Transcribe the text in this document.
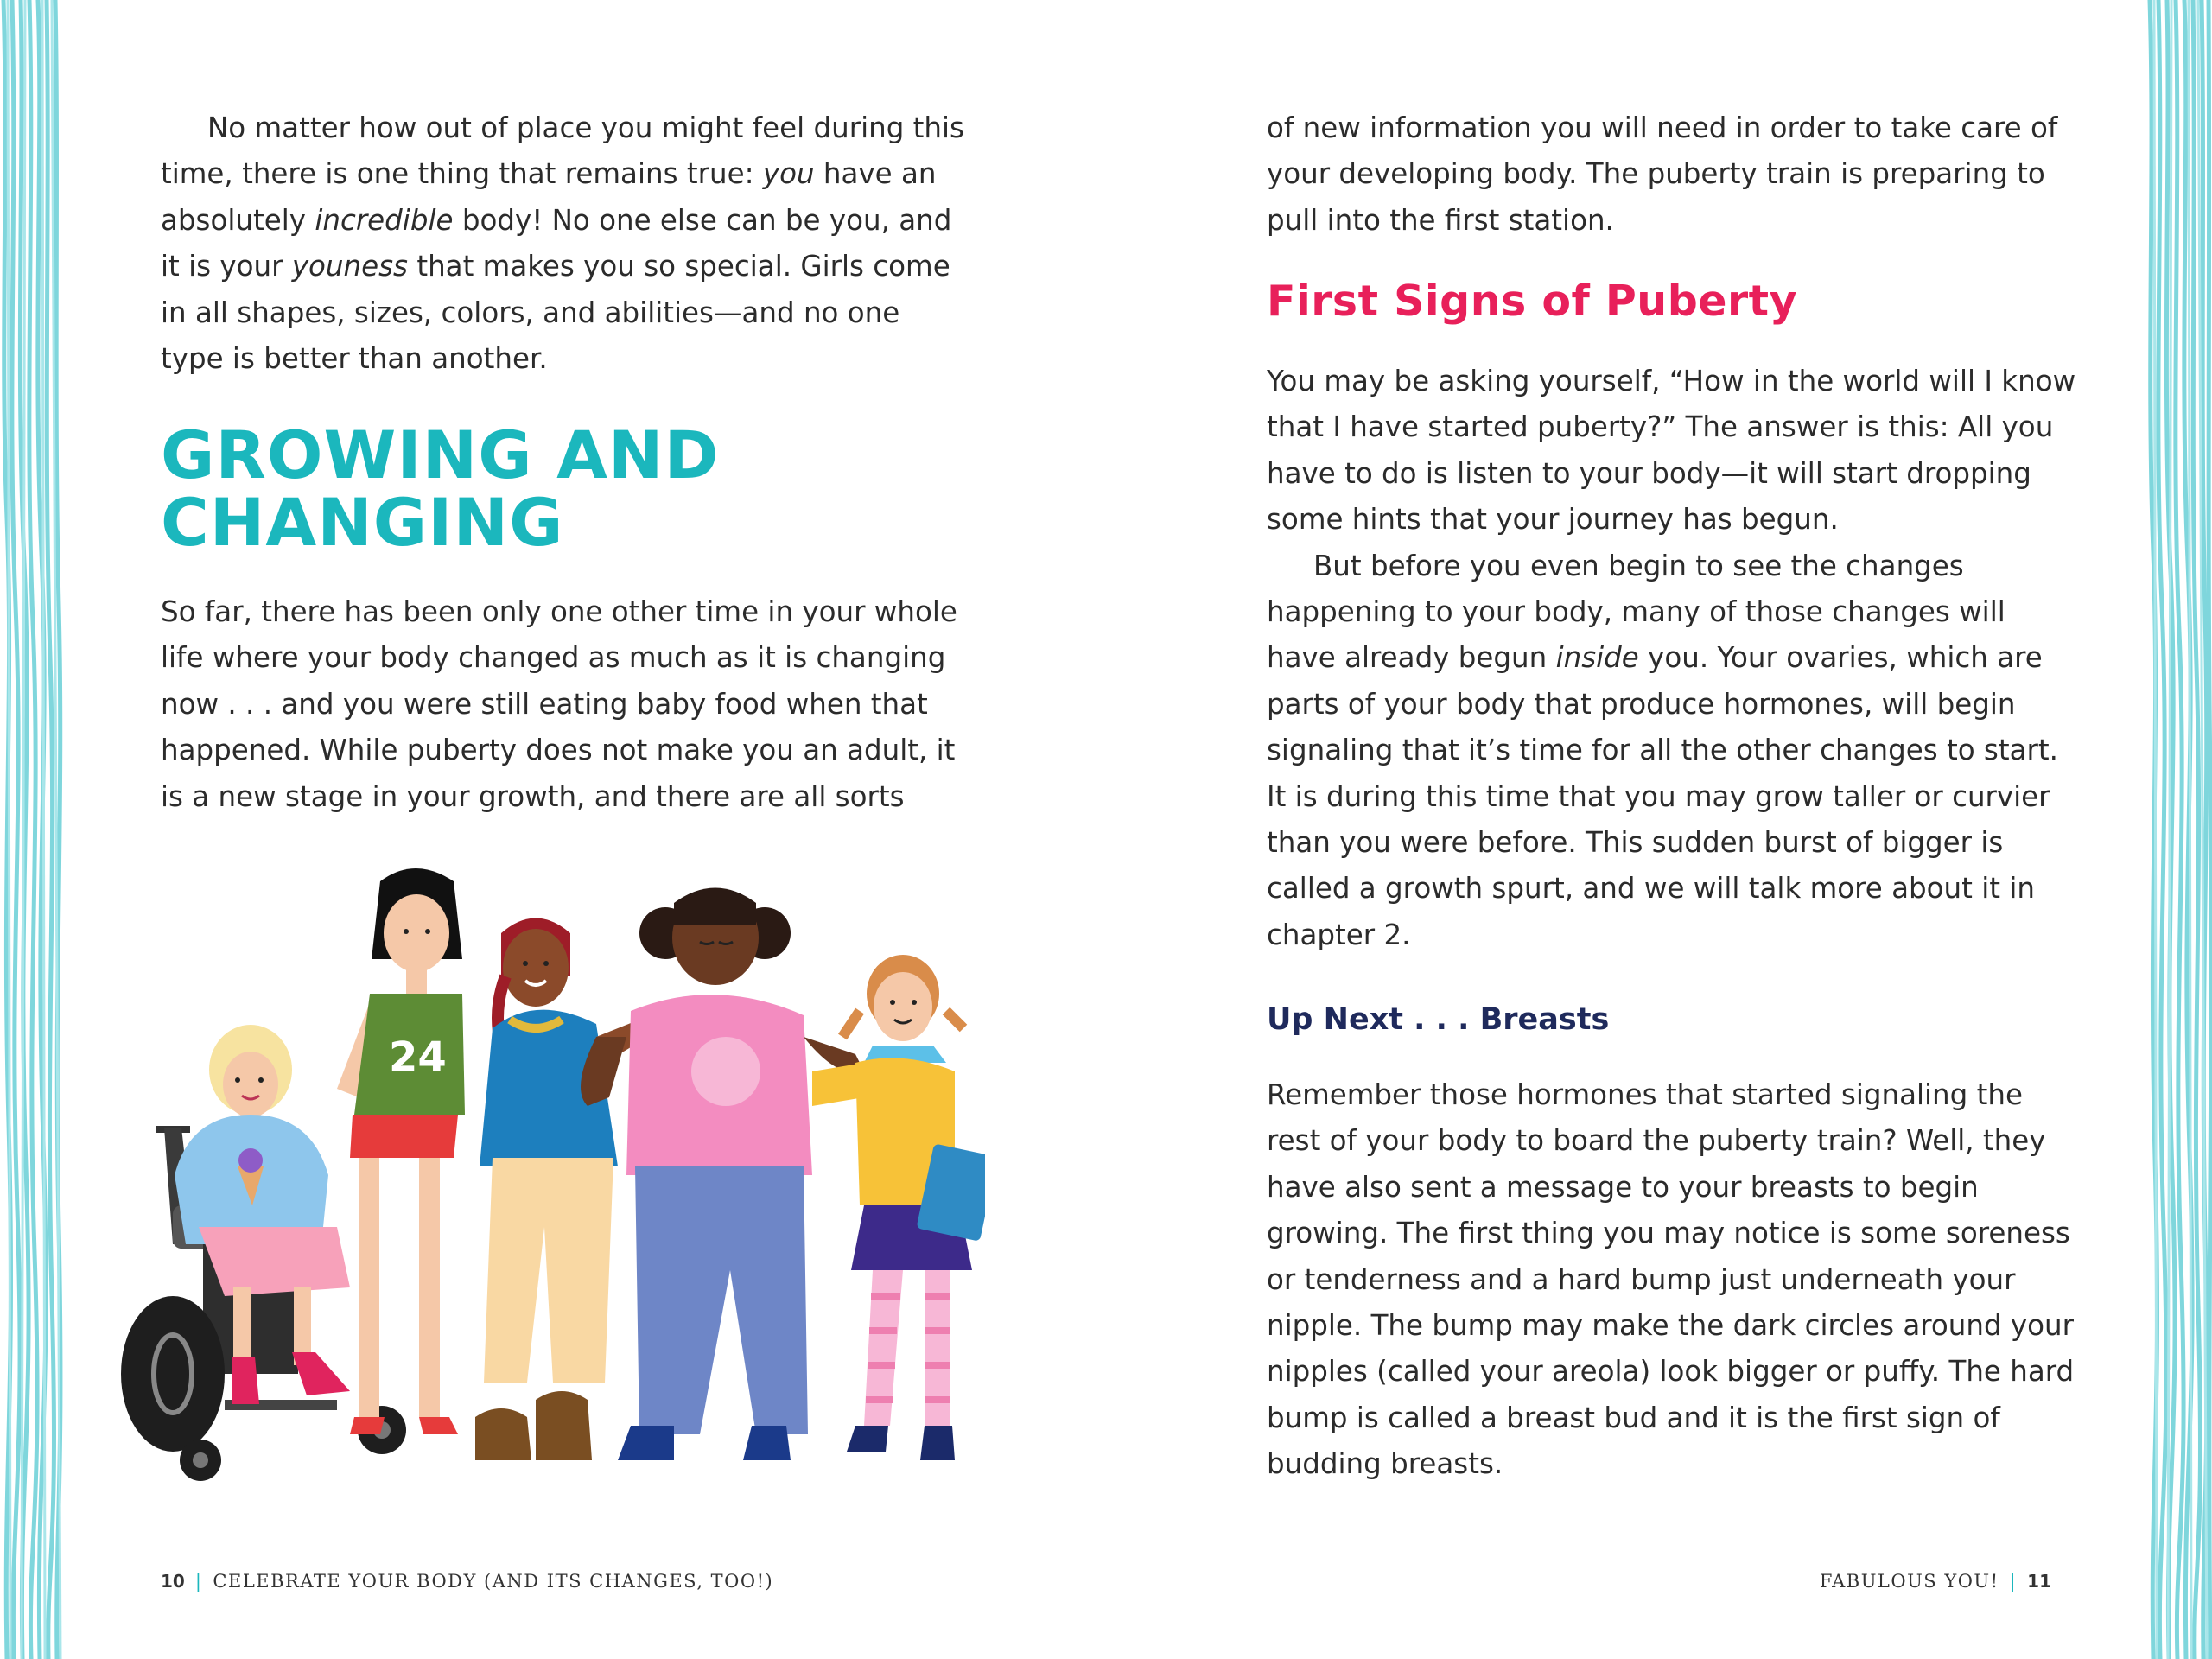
No matter how out of place you might feel during this time, there is one thing that remains true: you have an absolutely incredible body! No one else can be you, and it is your youness that makes you so special. Girls come in all shapes, sizes, colors, and abilities—and no one type is better than another.

GROWING AND
CHANGING

So far, there has been only one other time in your whole life where your body changed as much as it is changing now . . . and you were still eating baby food when that happened. While puberty does not make you an adult, it is a new stage in your growth, and there are all sorts

24
10 | CELEBRATE YOUR BODY (AND ITS CHANGES, TOO!)

of new information you will need in order to take care of your developing body. The puberty train is preparing to pull into the first station.

First Signs of Puberty

You may be asking yourself, “How in the world will I know that I have started puberty?” The answer is this: All you have to do is listen to your body—it will start dropping some hints that your journey has begun.

But before you even begin to see the changes happening to your body, many of those changes will have already begun inside you. Your ovaries, which are parts of your body that produce hormones, will begin signaling that it’s time for all the other changes to start. It is during this time that you may grow taller or curvier than you were before. This sudden burst of bigger is called a growth spurt, and we will talk more about it in chapter 2.

Up Next . . . Breasts

Remember those hormones that started signaling the rest of your body to board the puberty train? Well, they have also sent a message to your breasts to begin growing. The first thing you may notice is some soreness or tenderness and a hard bump just underneath your nipple. The bump may make the dark circles around your nipples (called your areola) look bigger or puffy. The hard bump is called a breast bud and it is the first sign of budding breasts.

FABULOUS YOU! | 11
